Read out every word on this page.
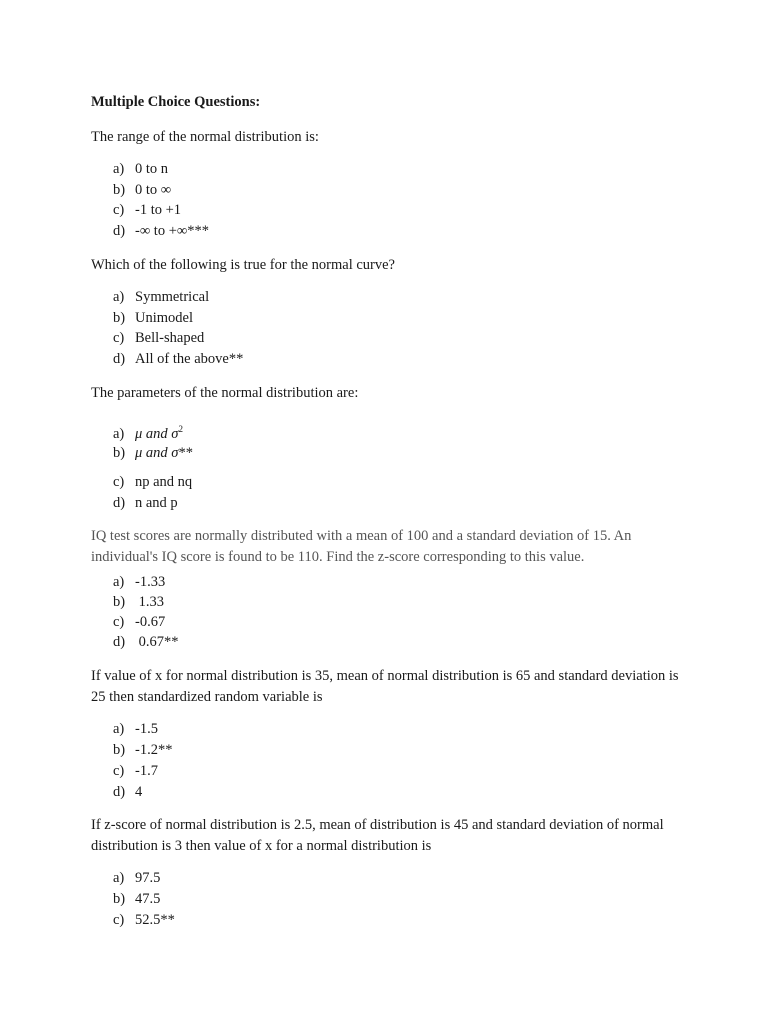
Multiple Choice Questions:
The range of the normal distribution is:
a) 0 to n
b) 0 to ∞
c) -1 to +1
d) -∞ to +∞***
Which of the following is true for the normal curve?
a) Symmetrical
b) Unimodel
c) Bell-shaped
d) All of the above**
The parameters of the normal distribution are:
a) μ and $\sigma^2$
b) μ and σ**
c) np and nq
d) n and p
IQ test scores are normally distributed with a mean of 100 and a standard deviation of 15. An individual's IQ score is found to be 110. Find the z-score corresponding to this value.
a) -1.33
b) 1.33
c) -0.67
d) 0.67**
If value of x for normal distribution is 35, mean of normal distribution is 65 and standard deviation is 25 then standardized random variable is
a) -1.5
b) -1.2**
c) -1.7
d) 4
If z-score of normal distribution is 2.5, mean of distribution is 45 and standard deviation of normal distribution is 3 then value of x for a normal distribution is
a) 97.5
b) 47.5
c) 52.5**
